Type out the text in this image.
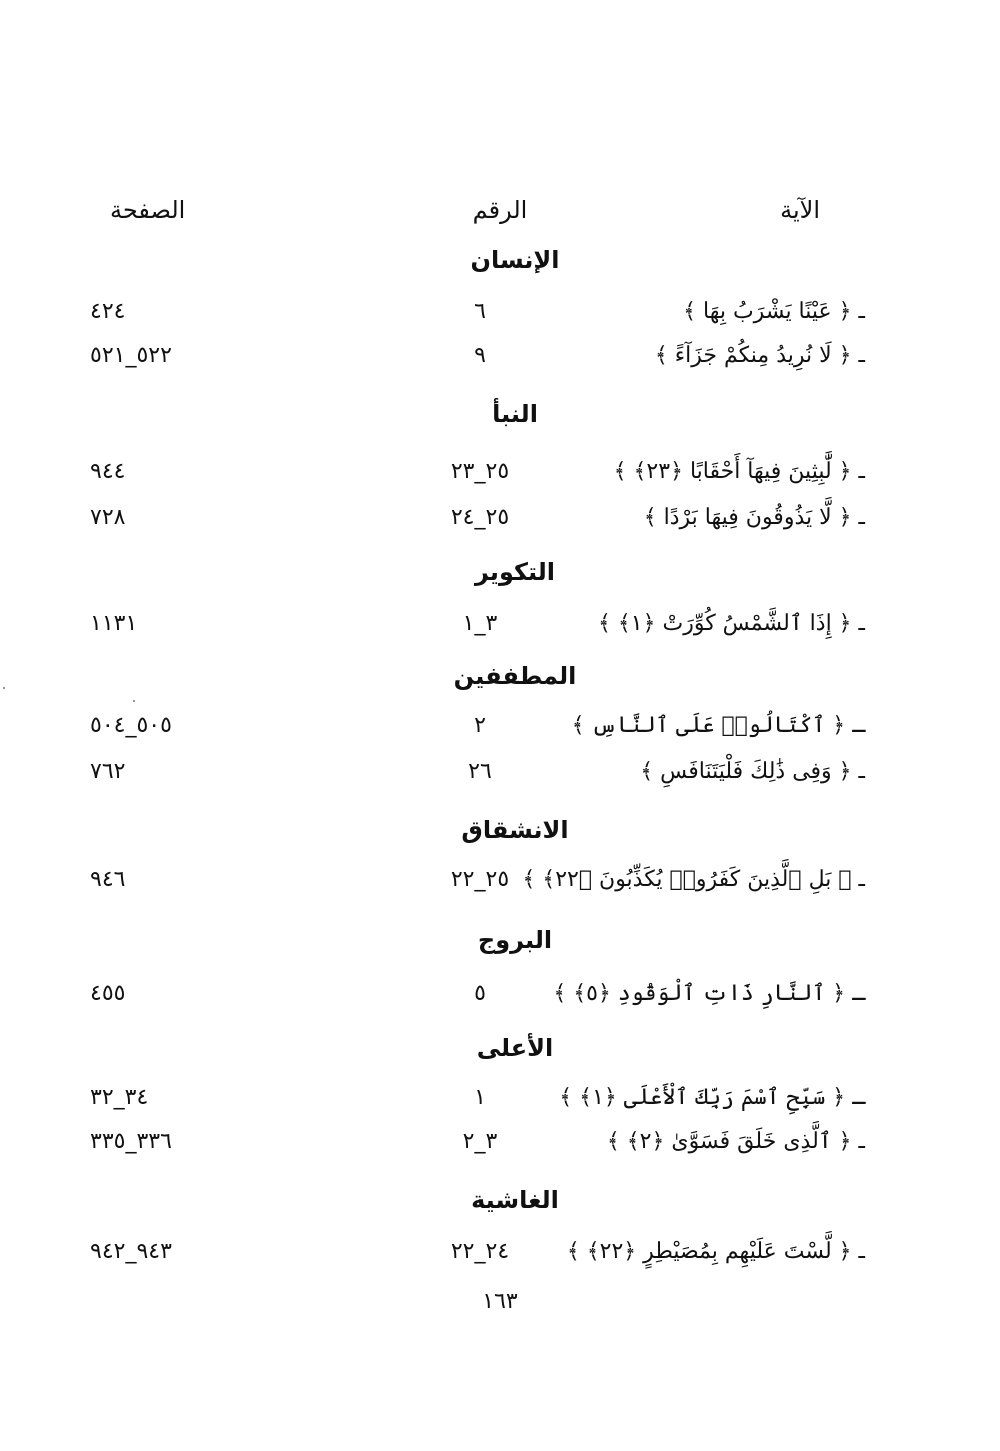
الآية
الرقم
الصفحة
الإنسان
ـ ﴿ عَيْنًا يَشْرَبُ بِهَا ﴾
٦
٤٢٤
ـ ﴿ لَا نُرِيدُ مِنكُمْ جَزَآءً ﴾
٩
٥٢٢_٥٢١
النبأ
ـ ﴿ لَّٰبِثِينَ فِيهَآ أَحْقَابًا ﴿٢٣﴾ ﴾
٢٥_٢٣
٩٤٤
ـ ﴿ لَّا يَذُوقُونَ فِيهَا بَرْدًا ﴾
٢٥_٢٤
٧٢٨
التكوير
ـ ﴿ إِذَا ٱلشَّمْسُ كُوِّرَتْ ﴿١﴾ ﴾
٣_١
١١٣١
المطففين
ـ ﴿ ٱكْتَالُوا۟ عَلَى ٱلنَّاسِ ﴾
٢
٥٠٥_٥٠٤
ـ ﴿ وَفِى ذَٰلِكَ فَلْيَتَنَافَسِ ﴾
٢٦
٧٦٢
الانشقاق
ـ ﴿ بَلِ ٱلَّذِينَ كَفَرُوا۟ يُكَذِّبُونَ ﴿٢٢﴾ ﴾
٢٥_٢٢
٩٤٦
البروج
ـ ﴿ ٱلنَّارِ ذَاتِ ٱلْوَقُودِ ﴿٥﴾ ﴾
٥
٤٥٥
الأعلى
ـ ﴿ سَبِّحِ ٱسْمَ رَبِّكَ ٱلْأَعْلَى ﴿١﴾ ﴾
١
٣٤_٣٢
ـ ﴿ ٱلَّذِى خَلَقَ فَسَوَّىٰ ﴿٢﴾ ﴾
٣_٢
٣٣٦_٣٣٥
الغاشية
ـ ﴿ لَّسْتَ عَلَيْهِم بِمُصَيْطِرٍ ﴿٢٢﴾ ﴾
٢٤_٢٢
٩٤٣_٩٤٢
١٦٣
